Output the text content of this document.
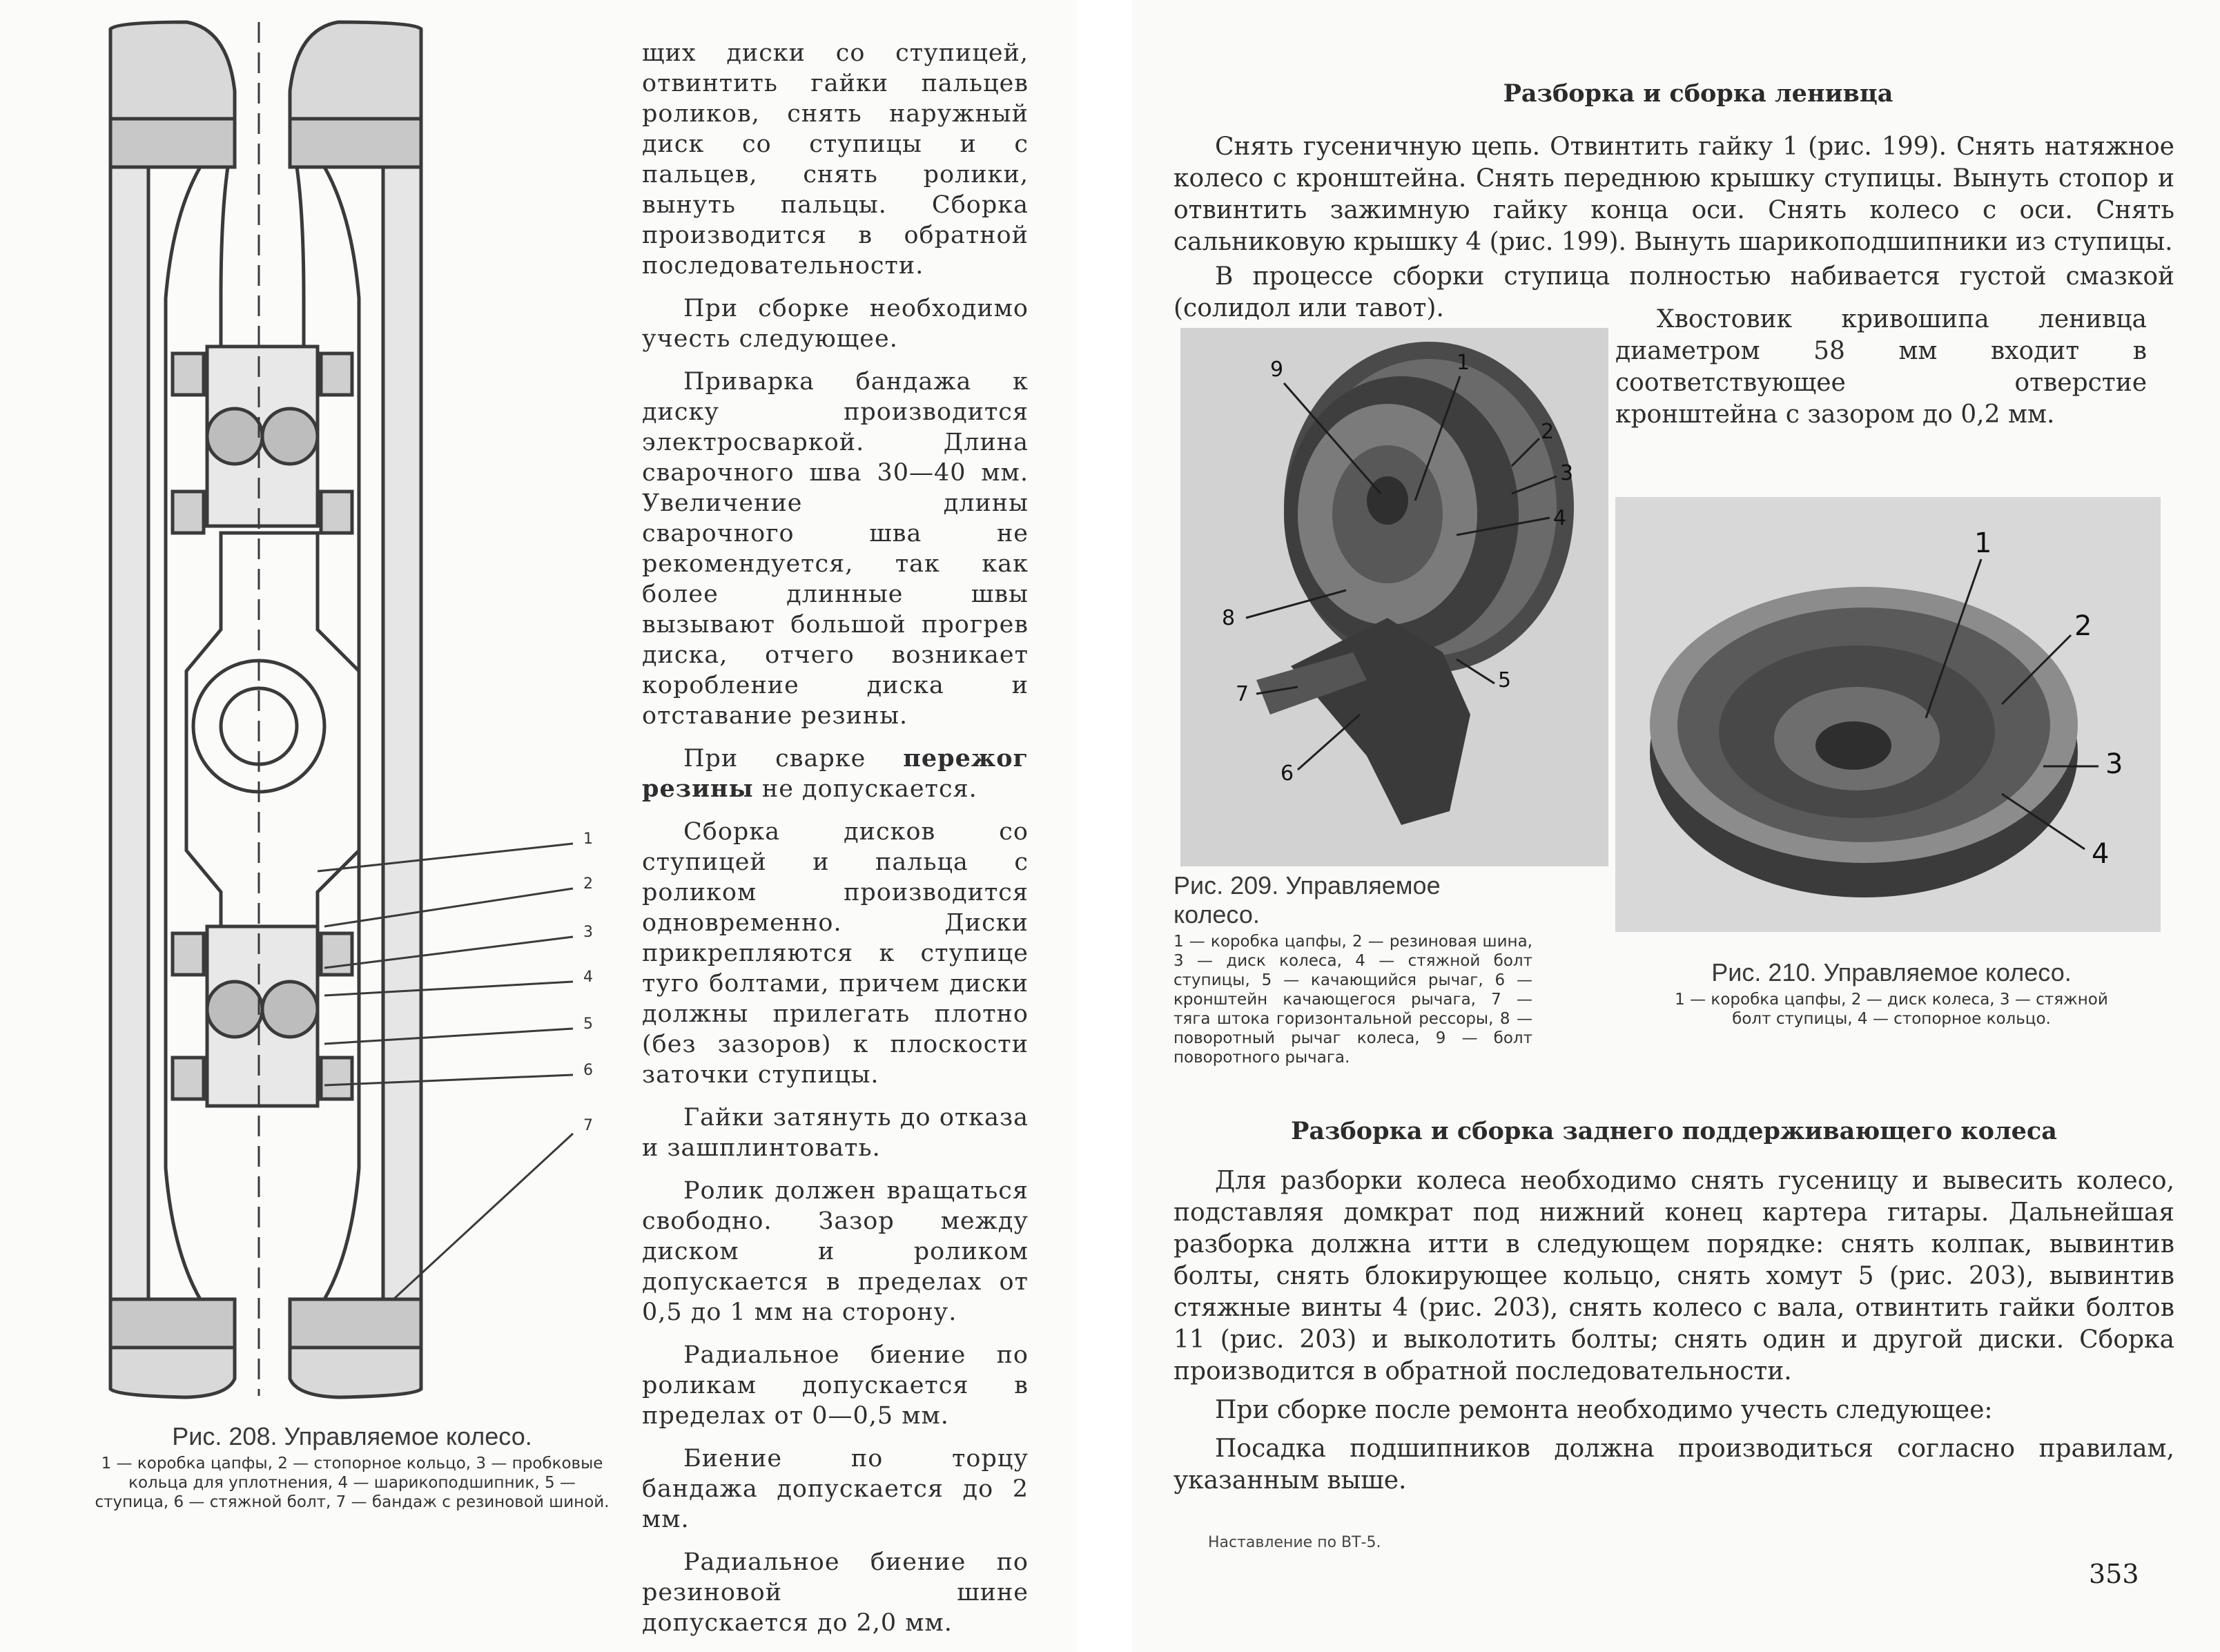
1
2
3
4
5
6
7
Рис. 208. Управляемое колесо.
1 — коробка цапфы, 2 — стопорное кольцо, 3 — пробковые кольца для уплотнения, 4 — шарикоподшипник, 5 — ступица, 6 — стяжной болт, 7 — бандаж с резиновой шиной.

щих диски со ступицей, отвинтить гайки пальцев роликов, снять наружный диск со ступицы и с пальцев, снять ролики, вынуть пальцы. Сборка производится в обратной последовательности.

При сборке необходимо учесть следующее.

Приварка бандажа к диску производится электросваркой. Длина сварочного шва 30—40 мм. Увеличение длины сварочного шва не рекомендуется, так как более длинные швы вызывают большой прогрев диска, отчего возникает коробление диска и отставание резины.

При сварке пережог резины не допускается.

Сборка дисков со ступицей и пальца с роликом производится одновременно. Диски прикрепляются к ступице туго болтами, причем диски должны прилегать плотно (без зазоров) к плоскости заточки ступицы.

Гайки затянуть до отказа и зашплинтовать.

Ролик должен вращаться свободно. Зазор между диском и роликом допускается в пределах от 0,5 до 1 мм на сторону.

Радиальное биение по роликам допускается в пределах от 0—0,5 мм.

Биение по торцу бандажа допускается до 2 мм.

Радиальное биение по резиновой шине допускается до 2,0 мм.

Разборка и сборка ленивца

Снять гусеничную цепь. Отвинтить гайку 1 (рис. 199). Снять натяжное колесо с кронштейна. Снять переднюю крышку ступицы. Вынуть стопор и отвинтить зажимную гайку конца оси. Снять колесо с оси. Снять сальниковую крышку 4 (рис. 199). Вынуть шарикоподшипники из ступицы.

В процессе сборки ступица полностью набивается густой смазкой (солидол или тавот).	Хвостовик кривошипа ленивца диаметром 58 мм входит в соответствующее отверстие кронштейна с зазором до 0,2 мм.

9	1
2
3
4
8
5
7
6
Рис. 209. Управляемое колесо.
1 — коробка цапфы, 2 — резиновая шина, 3 — диск колеса, 4 — стяжной болт ступицы, 5 — качающийся рычаг, 6 — кронштейн качающегося рычага, 7 — тяга штока горизонтальной рессоры, 8 — поворотный рычаг колеса, 9 — болт поворотного рычага.
1
2
3
4
Рис. 210. Управляемое колесо.
1 — коробка цапфы, 2 — диск колеса, 3 — стяжной болт ступицы, 4 — стопорное кольцо.
Разборка и сборка заднего поддерживающего колеса

Для разборки колеса необходимо снять гусеницу и вывесить колесо, подставляя домкрат под нижний конец картера гитары. Дальнейшая разборка должна итти в следующем порядке: снять колпак, вывинтив болты, снять блокирующее кольцо, снять хомут 5 (рис. 203), вывинтив стяжные винты 4 (рис. 203), снять колесо с вала, отвинтить гайки болтов 11 (рис. 203) и выколотить болты; снять один и другой диски. Сборка производится в обратной последовательности.

При сборке после ремонта необходимо учесть следующее:

Посадка подшипников должна производиться согласно правилам, указанным выше.

Наставление по ВТ-5.
353
